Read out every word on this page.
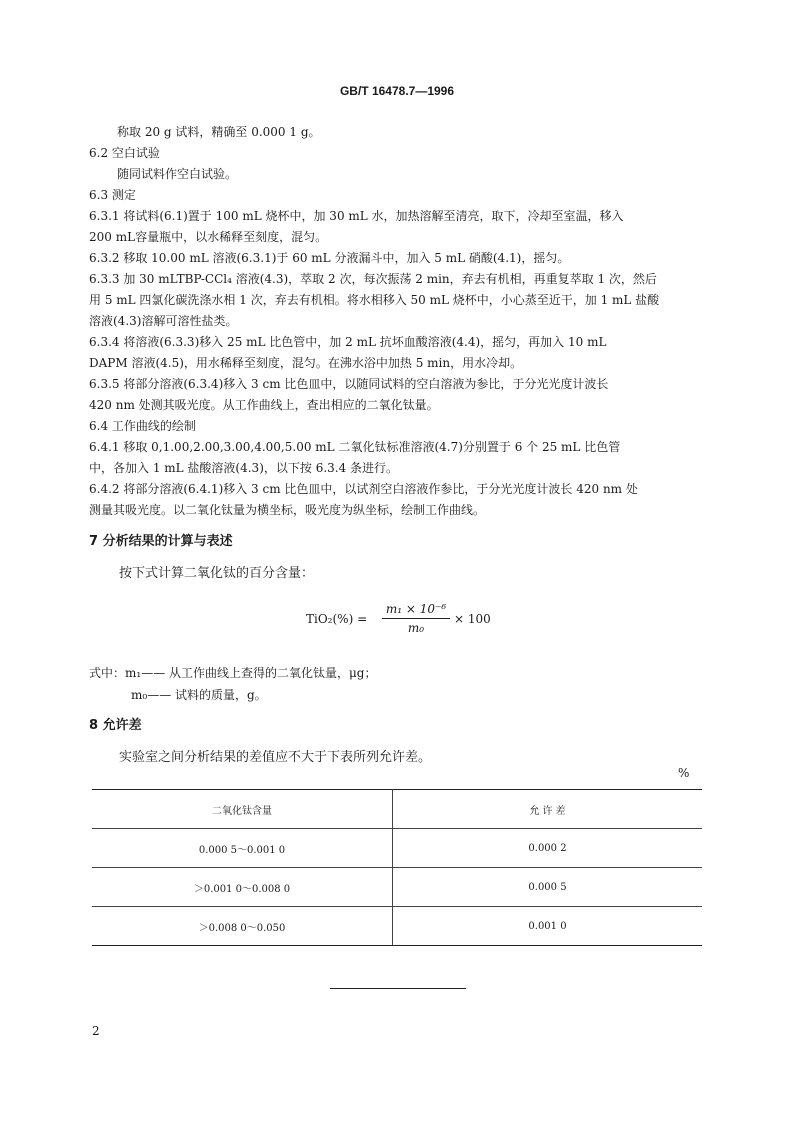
GB/T 16478.7—1996
称取 20 g 试料，精确至 0.000 1 g。
6.2 空白试验
随同试料作空白试验。
6.3 测定
6.3.1 将试料(6.1)置于 100 mL 烧杯中，加 30 mL 水，加热溶解至清亮，取下，冷却至室温，移入
200 mL容量瓶中，以水稀释至刻度，混匀。
6.3.2 移取 10.00 mL 溶液(6.3.1)于 60 mL 分液漏斗中，加入 5 mL 硝酸(4.1)，摇匀。
6.3.3 加 30 mLTBP-CCl₄ 溶液(4.3)，萃取 2 次，每次振荡 2 min，弃去有机相，再重复萃取 1 次，然后
用 5 mL 四氯化碳洗涤水相 1 次，弃去有机相。将水相移入 50 mL 烧杯中，小心蒸至近干，加 1 mL 盐酸
溶液(4.3)溶解可溶性盐类。
6.3.4 将溶液(6.3.3)移入 25 mL 比色管中，加 2 mL 抗坏血酸溶液(4.4)，摇匀，再加入 10 mL
DAPM 溶液(4.5)，用水稀释至刻度，混匀。在沸水浴中加热 5 min，用水冷却。
6.3.5 将部分溶液(6.3.4)移入 3 cm 比色皿中，以随同试料的空白溶液为参比，于分光光度计波长
420 nm 处测其吸光度。从工作曲线上，查出相应的二氧化钛量。
6.4 工作曲线的绘制
6.4.1 移取 0,1.00,2.00,3.00,4.00,5.00 mL 二氧化钛标准溶液(4.7)分别置于 6 个 25 mL 比色管
中，各加入 1 mL 盐酸溶液(4.3)，以下按 6.3.4 条进行。
6.4.2 将部分溶液(6.4.1)移入 3 cm 比色皿中，以试剂空白溶液作参比，于分光光度计波长 420 nm 处
测量其吸光度。以二氧化钛量为横坐标，吸光度为纵坐标，绘制工作曲线。
7 分析结果的计算与表述
按下式计算二氧化钛的百分含量：
TiO₂(%) =
m₁ × 10⁻⁶
m₀
× 100
式中：m₁—— 从工作曲线上查得的二氧化钛量，μg；
m₀—— 试料的质量，g。
8 允许差
实验室之间分析结果的差值应不大于下表所列允许差。
%
二氧化钛含量	允 许 差
0.000 5～0.001 0	0.000 2
＞0.001 0～0.008 0	0.000 5
＞0.008 0～0.050	0.001 0
2
